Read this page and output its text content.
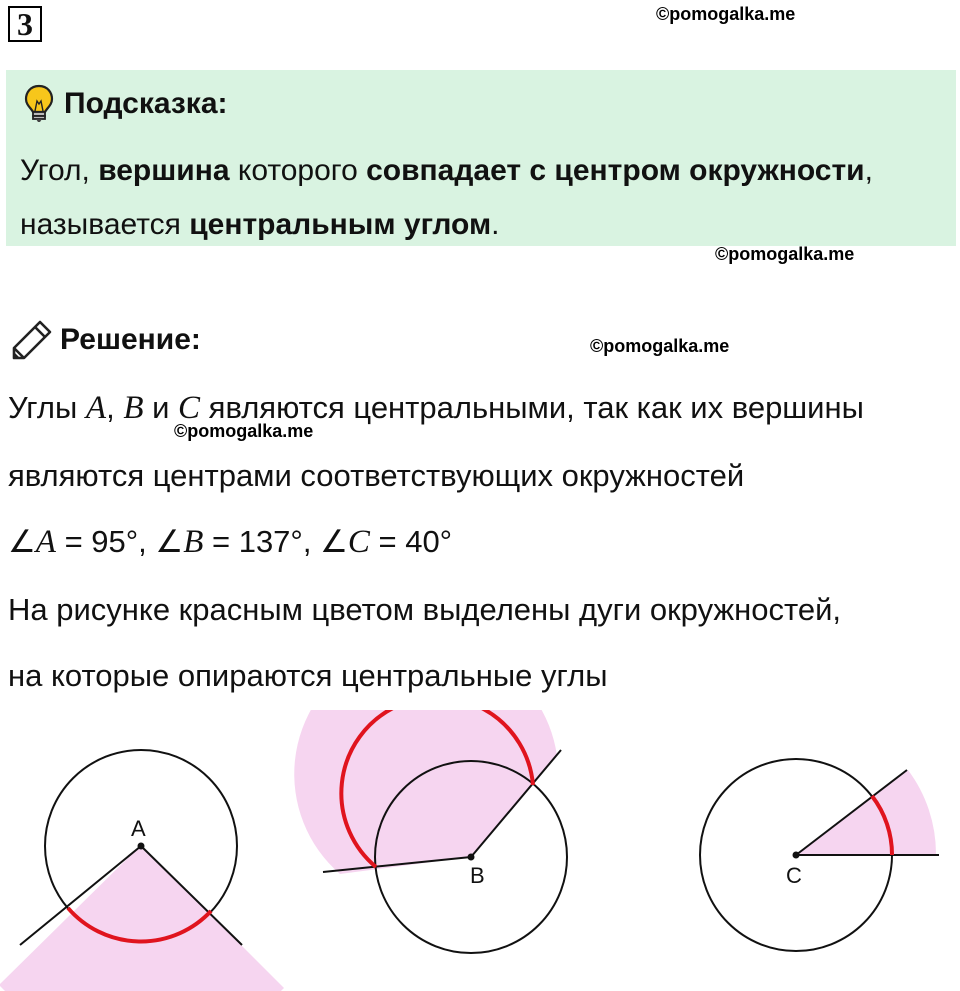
3	©pomogalka.me
Подсказка:
Угол, вершина которого совпадает с центром окружности,
называется центральным углом.
©pomogalka.me
Решение:	©pomogalka.me
Углы A, B и C являются центральными, так как их вершины
©pomogalka.me
являются центрами соответствующих окружностей
∠A = 95°, ∠B = 137°, ∠C = 40°
На рисунке красным цветом выделены дуги окружностей,
на которые опираются центральные углы
A
B	C
